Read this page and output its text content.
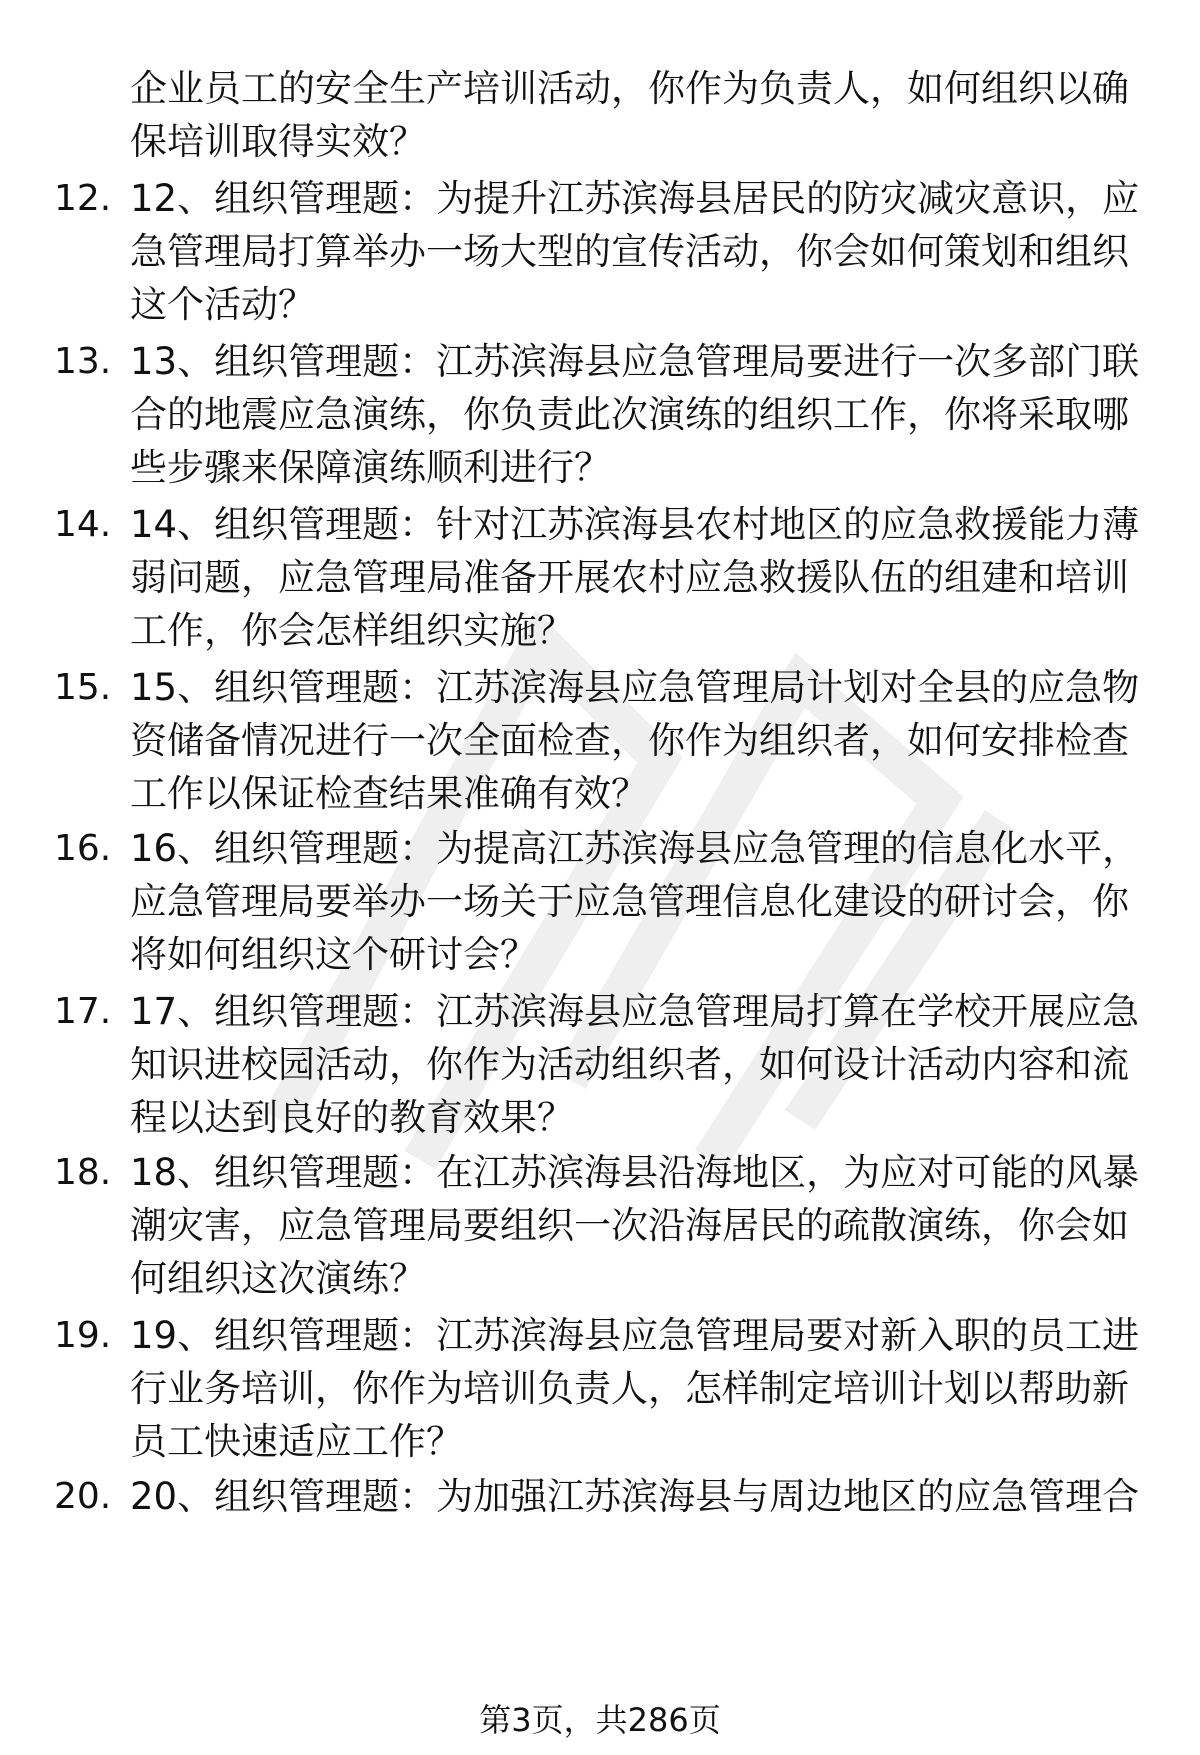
企业员工的安全生产培训活动，你作为负责人，如何组织以确保培训取得实效？

12. 12、组织管理题：为提升江苏滨海县居民的防灾减灾意识，应急管理局打算举办一场大型的宣传活动，你会如何策划和组织这个活动？

13. 13、组织管理题：江苏滨海县应急管理局要进行一次多部门联合的地震应急演练，你负责此次演练的组织工作，你将采取哪些步骤来保障演练顺利进行？

14. 14、组织管理题：针对江苏滨海县农村地区的应急救援能力薄弱问题，应急管理局准备开展农村应急救援队伍的组建和培训工作，你会怎样组织实施？

15. 15、组织管理题：江苏滨海县应急管理局计划对全县的应急物资储备情况进行一次全面检查，你作为组织者，如何安排检查工作以保证检查结果准确有效？

16. 16、组织管理题：为提高江苏滨海县应急管理的信息化水平，应急管理局要举办一场关于应急管理信息化建设的研讨会，你将如何组织这个研讨会？

17. 17、组织管理题：江苏滨海县应急管理局打算在学校开展应急知识进校园活动，你作为活动组织者，如何设计活动内容和流程以达到良好的教育效果？

18. 18、组织管理题：在江苏滨海县沿海地区，为应对可能的风暴潮灾害，应急管理局要组织一次沿海居民的疏散演练，你会如何组织这次演练？

19. 19、组织管理题：江苏滨海县应急管理局要对新入职的员工进行业务培训，你作为培训负责人，怎样制定培训计划以帮助新员工快速适应工作？

20. 20、组织管理题：为加强江苏滨海县与周边地区的应急管理合

第3页，共286页
